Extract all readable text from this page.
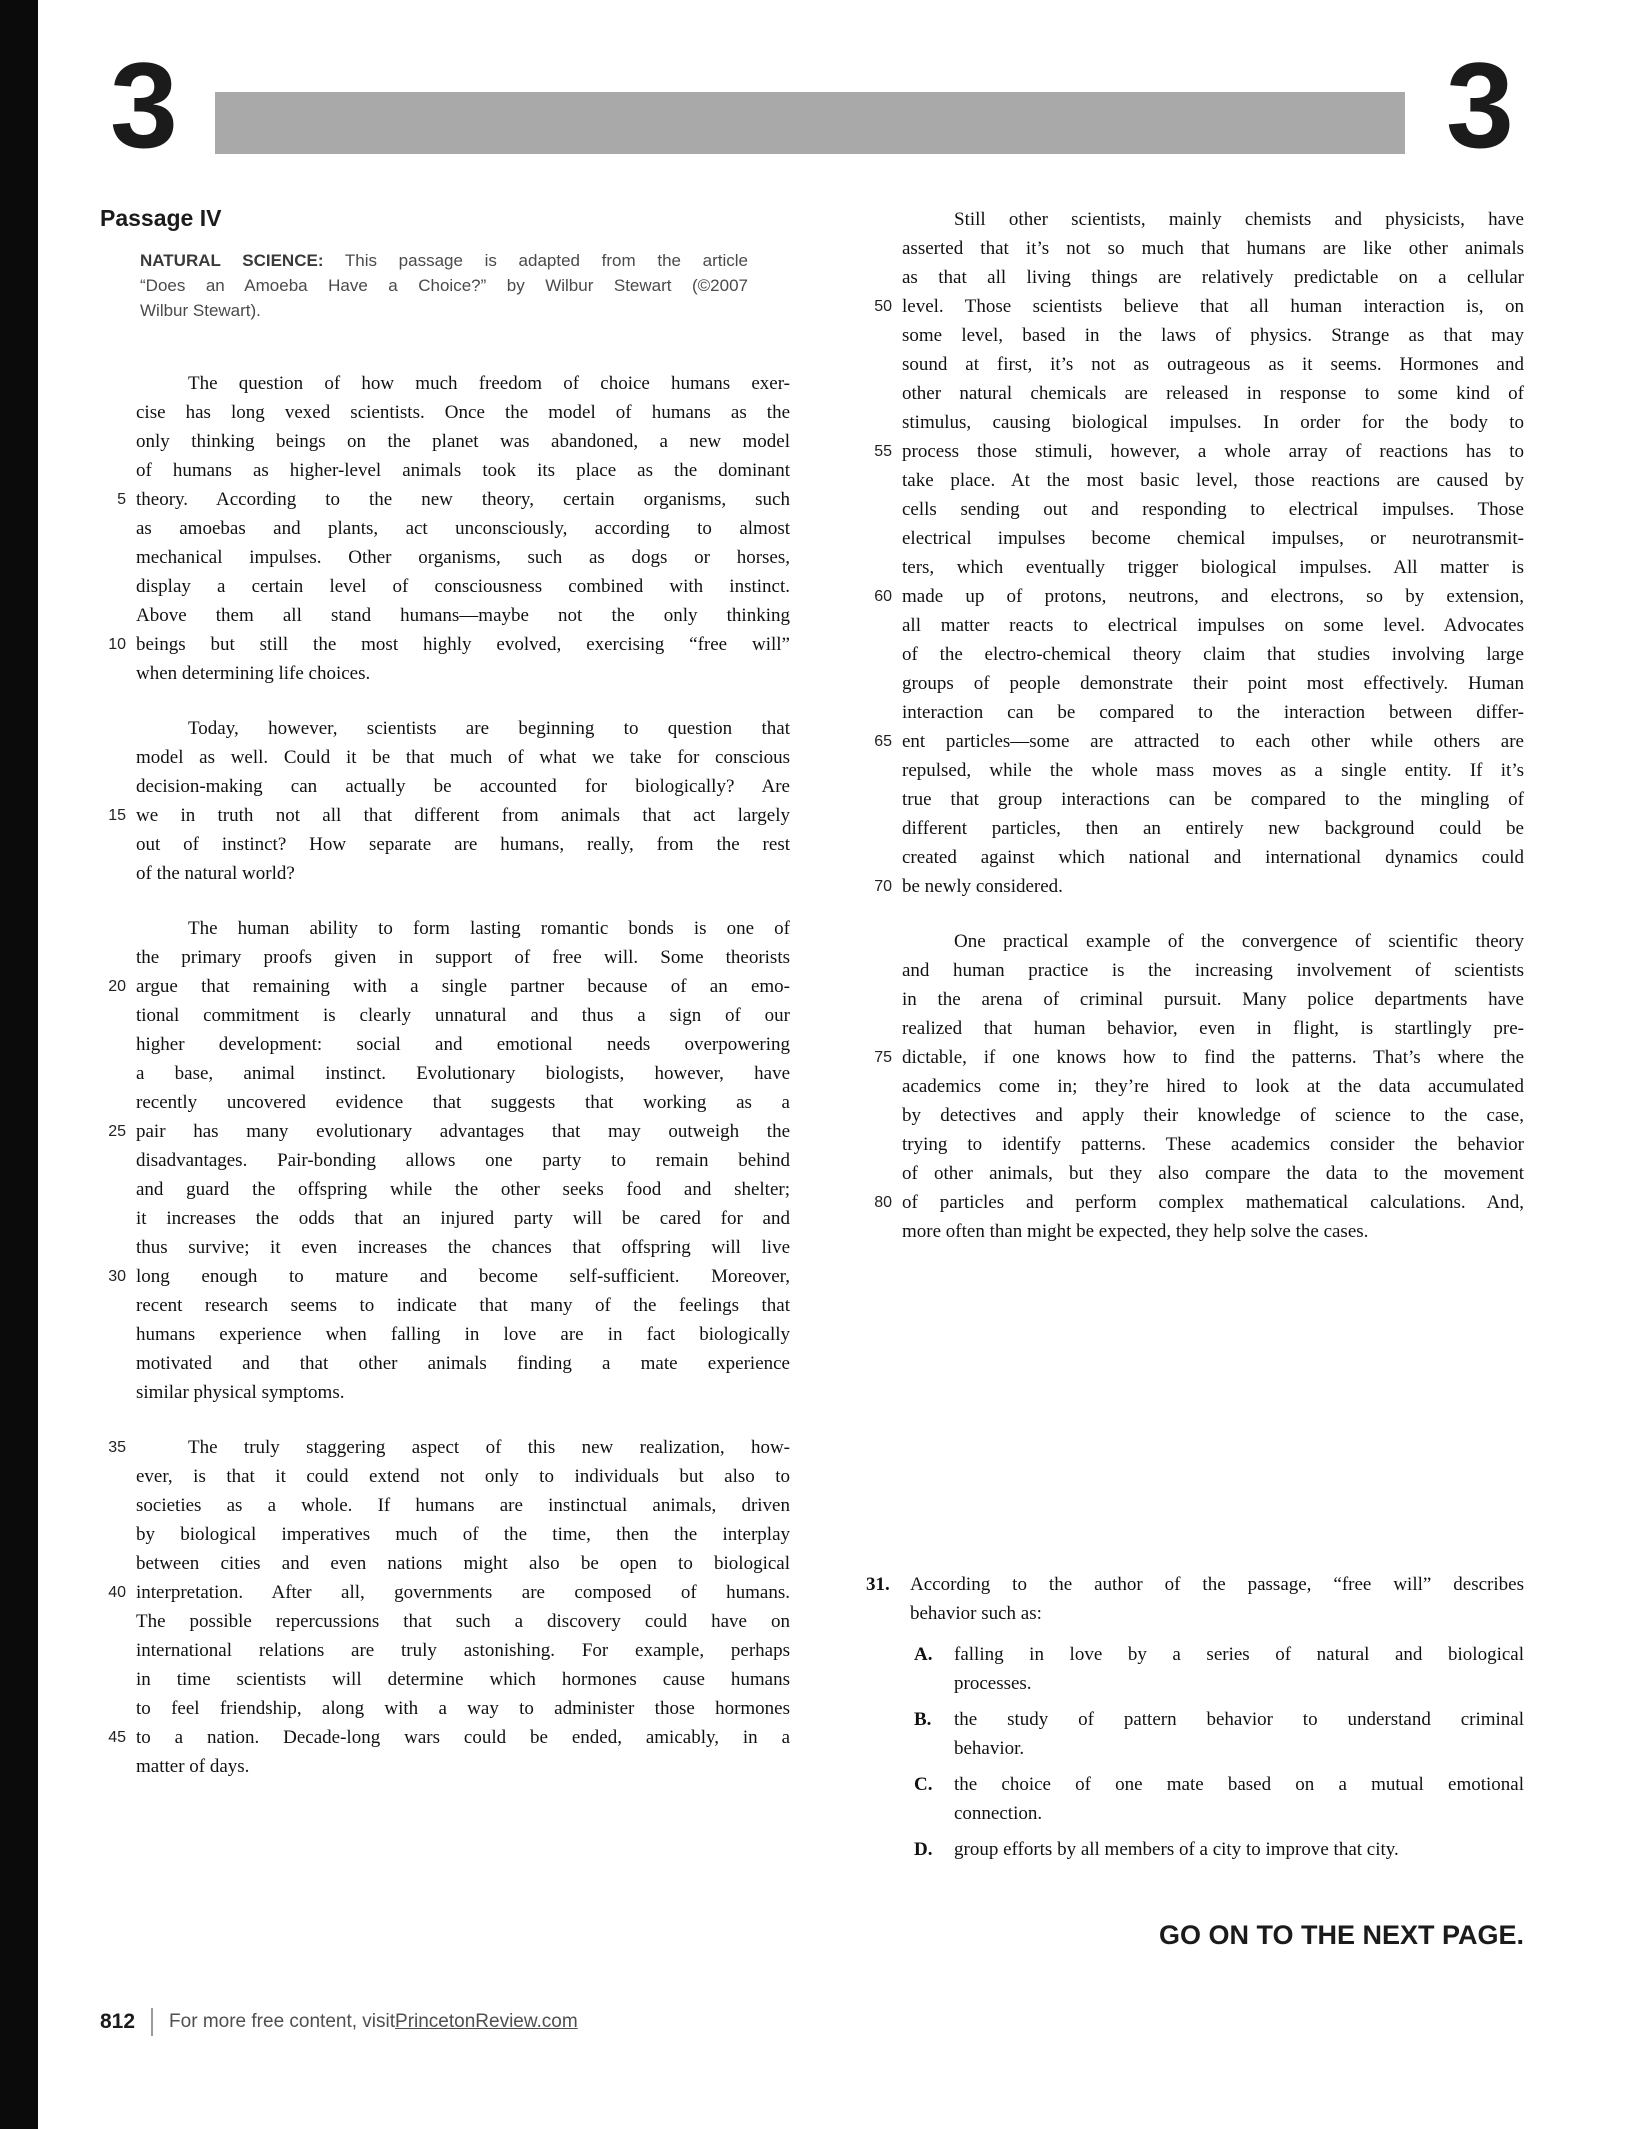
3	3
Passage IV
NATURAL SCIENCE: This passage is adapted from the article
“Does an Amoeba Have a Choice?” by Wilbur Stewart (©2007
Wilbur Stewart).
The question of how much freedom of choice humans exer-
cise has long vexed scientists. Once the model of humans as the
only thinking beings on the planet was abandoned, a new model
of humans as higher-level animals took its place as the dominant
5 theory. According to the new theory, certain organisms, such
as amoebas and plants, act unconsciously, according to almost
mechanical impulses. Other organisms, such as dogs or horses,
display a certain level of consciousness combined with instinct.
Above them all stand humans—maybe not the only thinking
10 beings but still the most highly evolved, exercising “free will”
when determining life choices.
Today, however, scientists are beginning to question that
model as well. Could it be that much of what we take for conscious
decision-making can actually be accounted for biologically? Are
15 we in truth not all that different from animals that act largely
out of instinct? How separate are humans, really, from the rest
of the natural world?
The human ability to form lasting romantic bonds is one of
the primary proofs given in support of free will. Some theorists
20 argue that remaining with a single partner because of an emo-
tional commitment is clearly unnatural and thus a sign of our
higher development: social and emotional needs overpowering
a base, animal instinct. Evolutionary biologists, however, have
recently uncovered evidence that suggests that working as a
25 pair has many evolutionary advantages that may outweigh the
disadvantages. Pair-bonding allows one party to remain behind
and guard the offspring while the other seeks food and shelter;
it increases the odds that an injured party will be cared for and
thus survive; it even increases the chances that offspring will live
30 long enough to mature and become self-sufficient. Moreover,
recent research seems to indicate that many of the feelings that
humans experience when falling in love are in fact biologically
motivated and that other animals finding a mate experience
similar physical symptoms.
35	The truly staggering aspect of this new realization, how-
ever, is that it could extend not only to individuals but also to
societies as a whole. If humans are instinctual animals, driven
by biological imperatives much of the time, then the interplay
between cities and even nations might also be open to biological
40 interpretation. After all, governments are composed of humans.
The possible repercussions that such a discovery could have on
international relations are truly astonishing. For example, perhaps
in time scientists will determine which hormones cause humans
to feel friendship, along with a way to administer those hormones
45 to a nation. Decade-long wars could be ended, amicably, in a
matter of days.
Still other scientists, mainly chemists and physicists, have
asserted that it’s not so much that humans are like other animals
as that all living things are relatively predictable on a cellular
50 level. Those scientists believe that all human interaction is, on
some level, based in the laws of physics. Strange as that may
sound at first, it’s not as outrageous as it seems. Hormones and
other natural chemicals are released in response to some kind of
stimulus, causing biological impulses. In order for the body to
55 process those stimuli, however, a whole array of reactions has to
take place. At the most basic level, those reactions are caused by
cells sending out and responding to electrical impulses. Those
electrical impulses become chemical impulses, or neurotransmit-
ters, which eventually trigger biological impulses. All matter is
60 made up of protons, neutrons, and electrons, so by extension,
all matter reacts to electrical impulses on some level. Advocates
of the electro-chemical theory claim that studies involving large
groups of people demonstrate their point most effectively. Human
interaction can be compared to the interaction between differ-
65 ent particles—some are attracted to each other while others are
repulsed, while the whole mass moves as a single entity. If it’s
true that group interactions can be compared to the mingling of
different particles, then an entirely new background could be
created against which national and international dynamics could
70 be newly considered.
One practical example of the convergence of scientific theory
and human practice is the increasing involvement of scientists
in the arena of criminal pursuit. Many police departments have
realized that human behavior, even in flight, is startlingly pre-
75 dictable, if one knows how to find the patterns. That’s where the
academics come in; they’re hired to look at the data accumulated
by detectives and apply their knowledge of science to the case,
trying to identify patterns. These academics consider the behavior
of other animals, but they also compare the data to the movement
80 of particles and perform complex mathematical calculations. And,
more often than might be expected, they help solve the cases.
31.	According to the author of the passage, “free will” describes
behavior such as:
A.	falling in love by a series of natural and biological
processes.
B.	the study of pattern behavior to understand criminal
behavior.
C.	the choice of one mate based on a mutual emotional
connection.
D.	group efforts by all members of a city to improve that city.
GO ON TO THE NEXT PAGE.
812 For more free content, visit PrincetonReview.com
